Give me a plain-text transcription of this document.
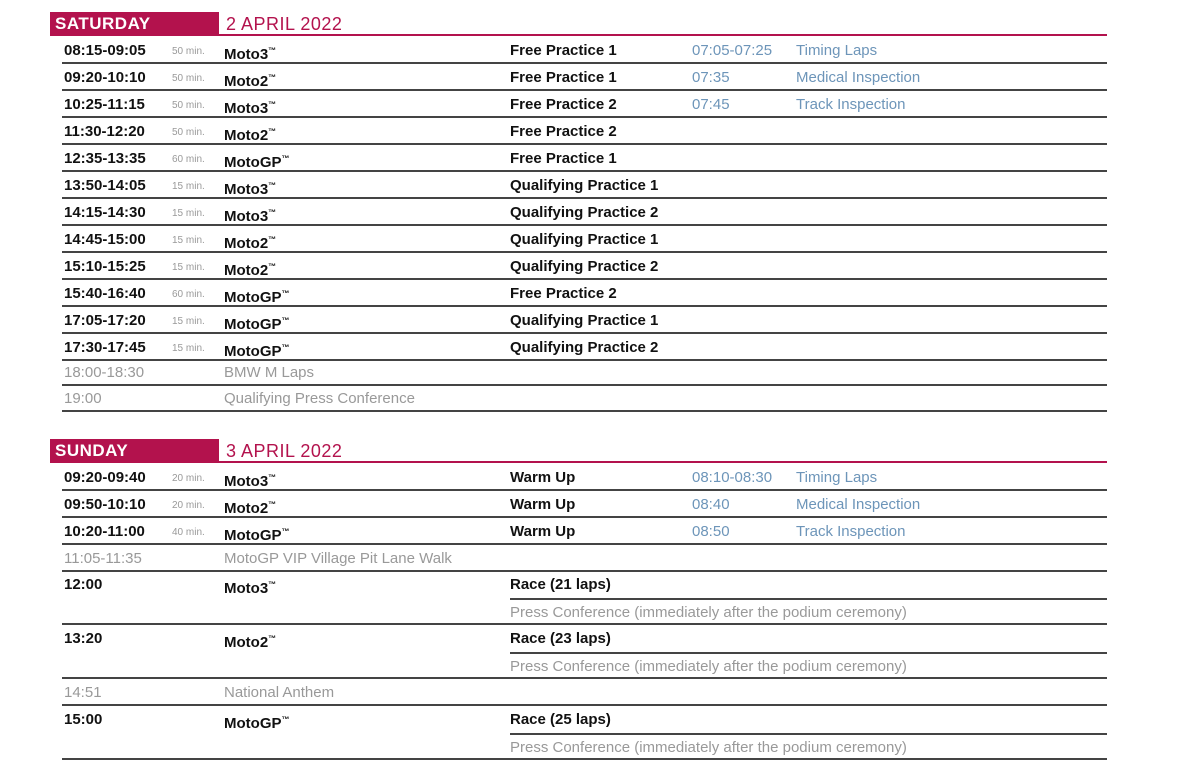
SATURDAY	2 APRIL 2022
08:15-09:05	50 min. Moto3™	Free Practice 1	07:05-07:25 Timing Laps
09:20-10:10	50 min. Moto2™	Free Practice 1	07:35	Medical Inspection
10:25-11:15	50 min. Moto3™	Free Practice 2	07:45	Track Inspection
11:30-12:20	50 min. Moto2™	Free Practice 2
12:35-13:35	60 min. MotoGP™	Free Practice 1
13:50-14:05	15 min. Moto3™	Qualifying Practice 1
14:15-14:30	15 min. Moto3™	Qualifying Practice 2
14:45-15:00	15 min. Moto2™	Qualifying Practice 1
15:10-15:25	15 min. Moto2™	Qualifying Practice 2
15:40-16:40	60 min. MotoGP™	Free Practice 2
17:05-17:20	15 min. MotoGP™	Qualifying Practice 1
17:30-17:45	15 min. MotoGP™	Qualifying Practice 2
18:00-18:30	BMW M Laps
19:00	Qualifying Press Conference
SUNDAY	3 APRIL 2022
09:20-09:40	20 min. Moto3™	Warm Up	08:10-08:30 Timing Laps
09:50-10:10	20 min. Moto2™	Warm Up	08:40	Medical Inspection
10:20-11:00	40 min. MotoGP™	Warm Up	08:50	Track Inspection
11:05-11:35	MotoGP VIP Village Pit Lane Walk
12:00	Moto3™	Race (21 laps)
Press Conference (immediately after the podium ceremony)
13:20	Moto2™	Race (23 laps)
Press Conference (immediately after the podium ceremony)
14:51	National Anthem
15:00	MotoGP™	Race (25 laps)
Press Conference (immediately after the podium ceremony)
